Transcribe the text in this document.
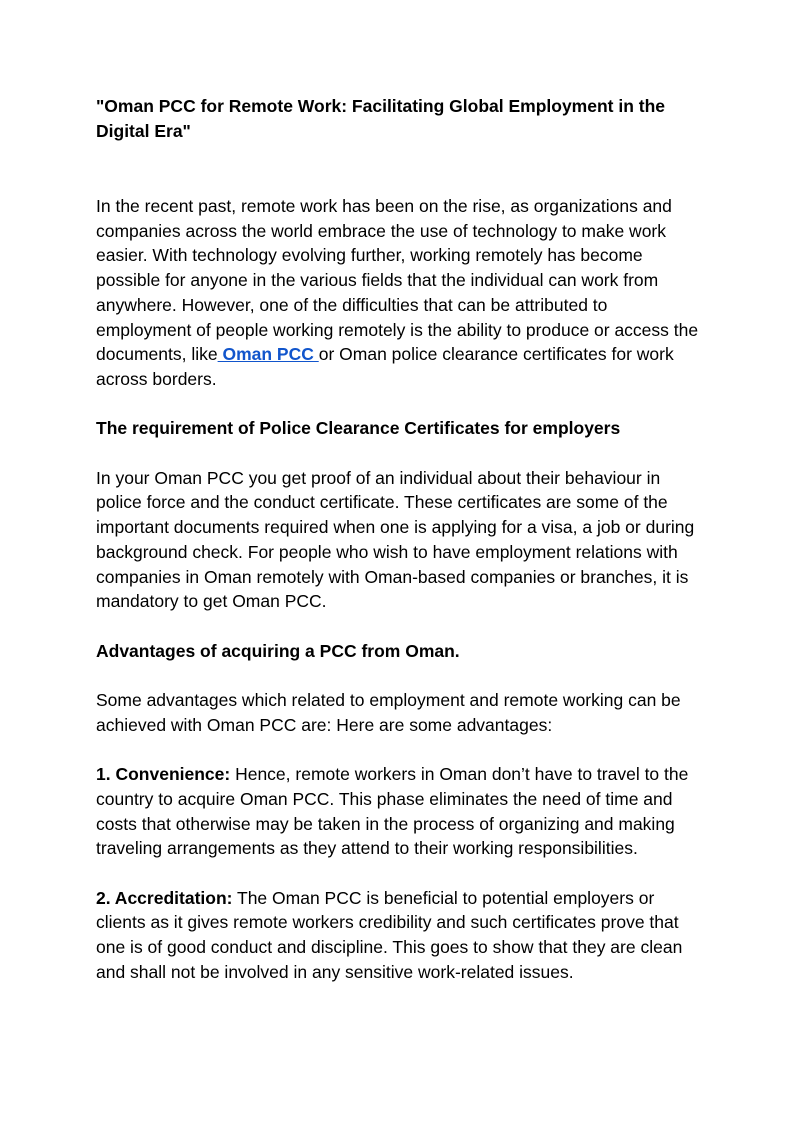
"Oman PCC for Remote Work: Facilitating Global Employment in the Digital Era"

In the recent past, remote work has been on the rise, as organizations and companies across the world embrace the use of technology to make work easier. With technology evolving further, working remotely has become possible for anyone in the various fields that the individual can work from anywhere. However, one of the difficulties that can be attributed to employment of people working remotely is the ability to produce or access the documents, like Oman PCC or Oman police clearance certificates for work across borders.

The requirement of Police Clearance Certificates for employers

In your Oman PCC you get proof of an individual about their behaviour in police force and the conduct certificate. These certificates are some of the important documents required when one is applying for a visa, a job or during background check. For people who wish to have employment relations with companies in Oman remotely with Oman-based companies or branches, it is mandatory to get Oman PCC.

Advantages of acquiring a PCC from Oman.

Some advantages which related to employment and remote working can be achieved with Oman PCC are: Here are some advantages:

1. Convenience: Hence, remote workers in Oman don’t have to travel to the country to acquire Oman PCC. This phase eliminates the need of time and costs that otherwise may be taken in the process of organizing and making traveling arrangements as they attend to their working responsibilities.

2. Accreditation: The Oman PCC is beneficial to potential employers or clients as it gives remote workers credibility and such certificates prove that one is of good conduct and discipline. This goes to show that they are clean and shall not be involved in any sensitive work-related issues.
